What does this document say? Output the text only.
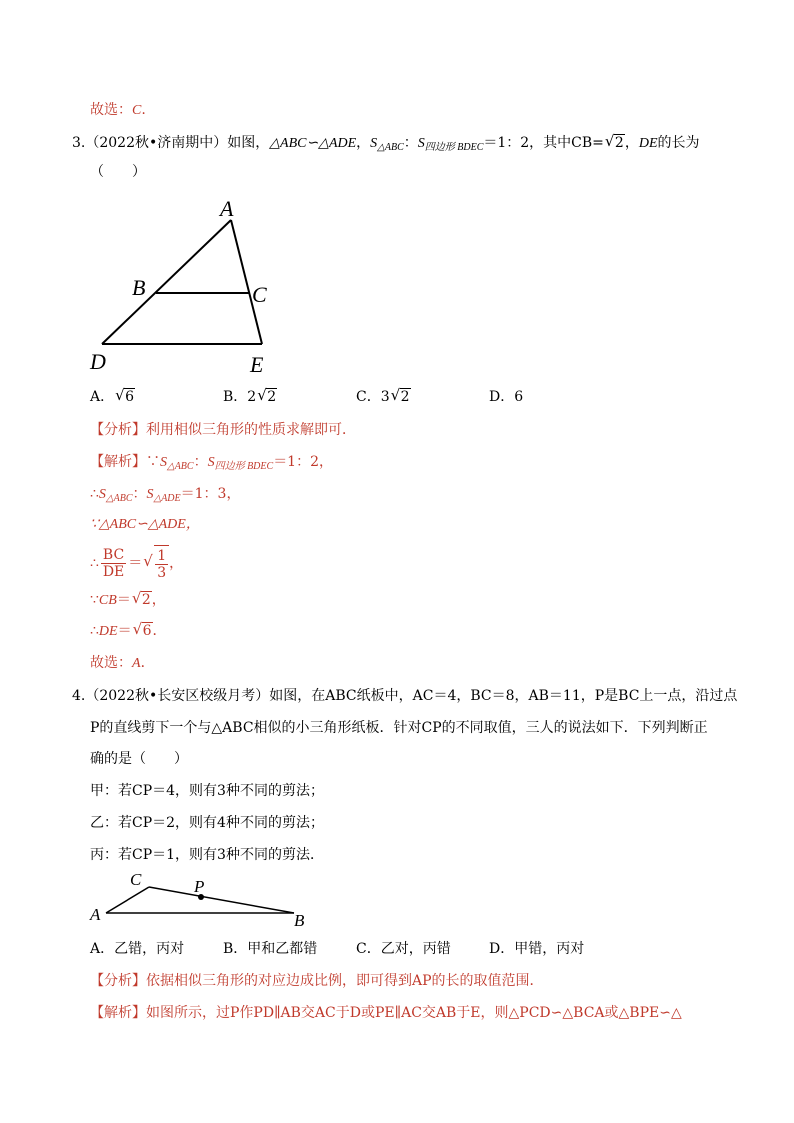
故选：C.
3.（2022秋•济南期中）如图，△ABC∽△ADE，$S_{\triangle ABC}$：$S_{四边形 BDEC}=1$：2，其中CB= √ 2，DE的长为
（　　）
A
B	C
D	E
A． √ 6	B．2 √ 2	C．3 √ 2	D．6
【分析】利用相似三角形的性质求解即可．
【解析】$\because S_{\triangle ABC}$：$S_{四边形 BDEC}=1$：2，
$\therefore S_{\triangle ABC}$：$S_{\triangle ADE}=1$：3，
∵△ABC∽△ADE，
∴ $\frac{BC}{DE}$ ＝ √ $\frac{1}{3}$ ，
∵CB＝ √ 2，
∴DE＝ √ 6．
故选：A．
4.（2022秋•长安区校级月考）如图，在ABC纸板中，AC＝4，BC＝8，AB＝11，P是BC上一点，沿过点
P的直线剪下一个与△ABC相似的小三角形纸板．针对CP的不同取值，三人的说法如下．下列判断正
确的是（　　）
甲：若CP＝4，则有3种不同的剪法；
乙：若CP＝2，则有4种不同的剪法；
丙：若CP＝1，则有3种不同的剪法．
A
C	P
B
A．乙错，丙对	B．甲和乙都错	C．乙对，丙错	D．甲错，丙对
【分析】依据相似三角形的对应边成比例，即可得到AP的长的取值范围．
【解析】如图所示，过P作PD∥AB交AC于D或PE∥AC交AB于E，则△PCD∽△BCA或△BPE∽△
